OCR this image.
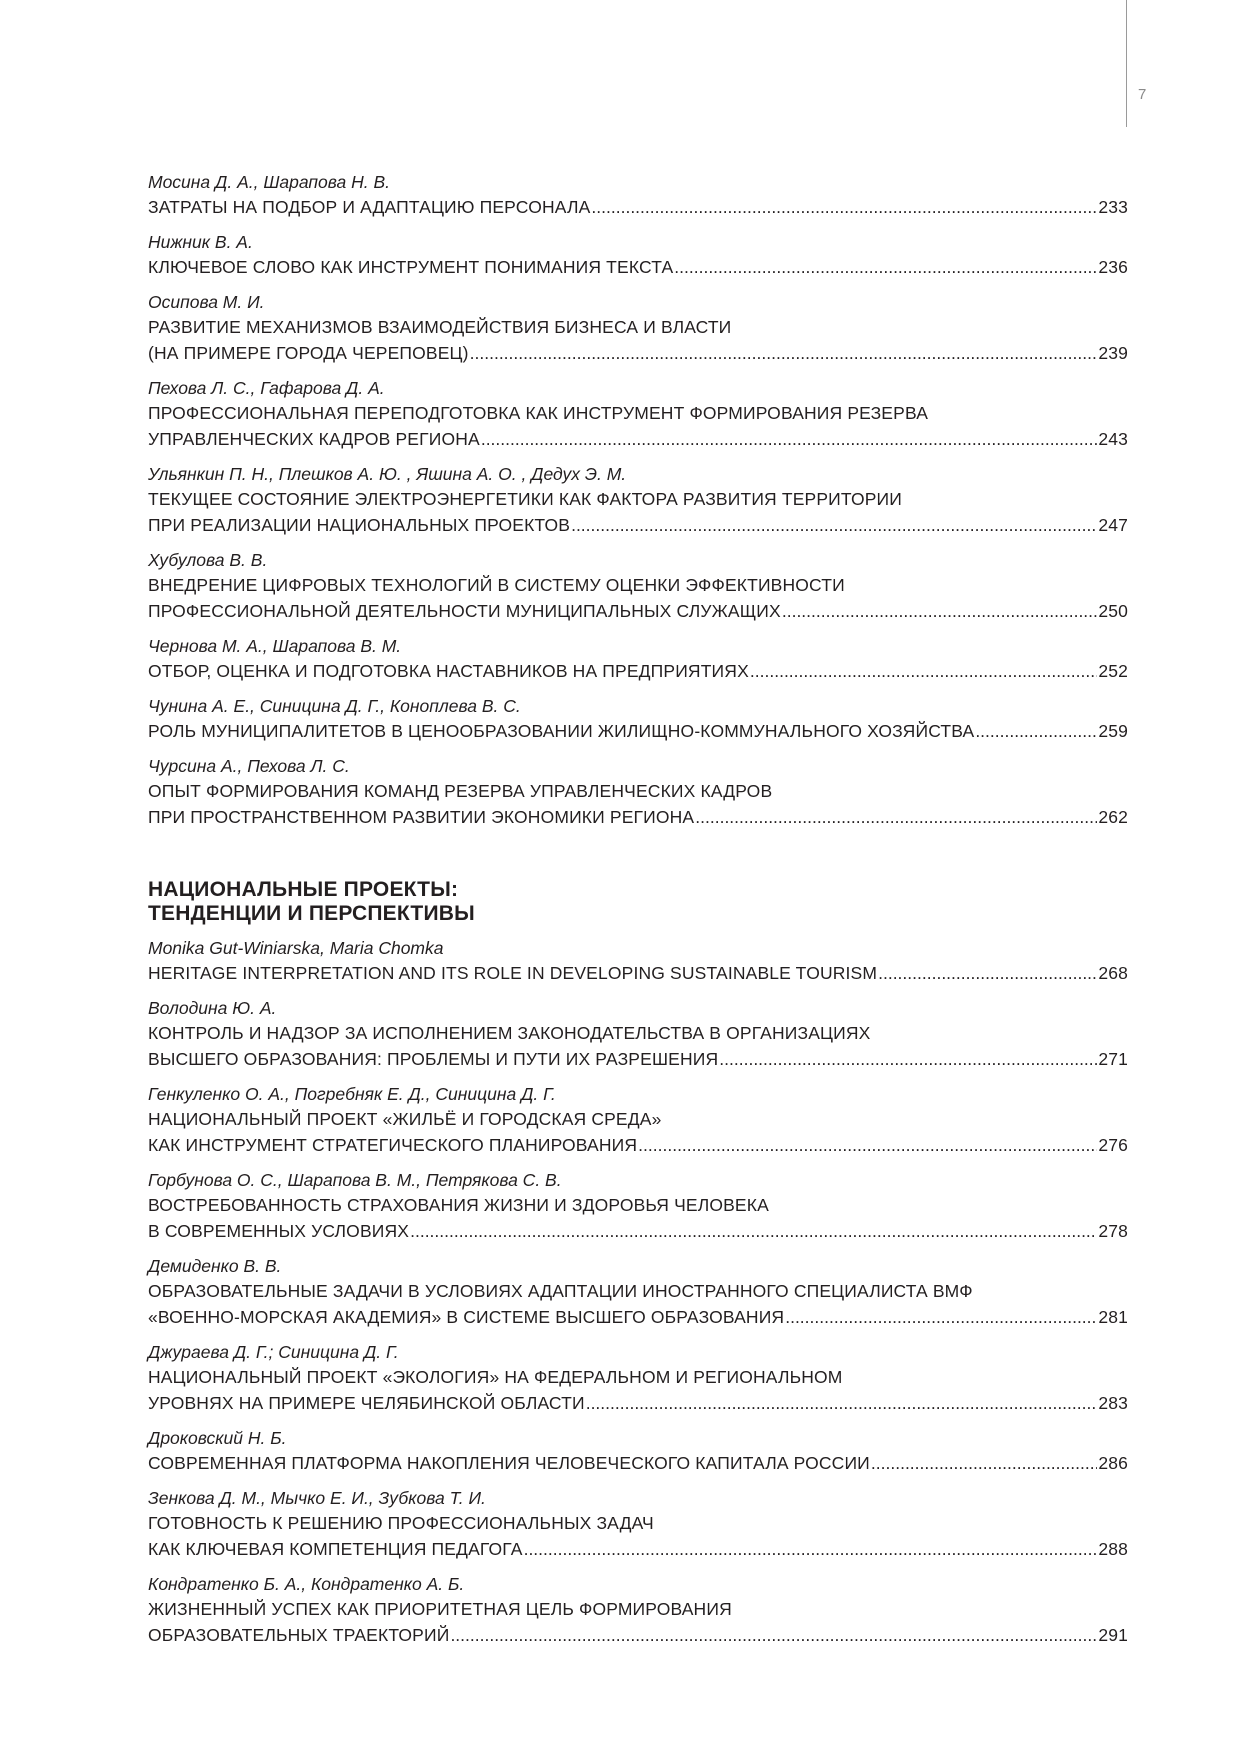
7
Мосина Д. А., Шарапова Н. В.
ЗАТРАТЫ НА ПОДБОР И АДАПТАЦИЮ ПЕРСОНАЛА .....	233
Нижник В. А.
КЛЮЧЕВОЕ СЛОВО КАК ИНСТРУМЕНТ ПОНИМАНИЯ ТЕКСТА .....	236
Осипова М. И.
РАЗВИТИЕ МЕХАНИЗМОВ ВЗАИМОДЕЙСТВИЯ БИЗНЕСА И ВЛАСТИ
(НА ПРИМЕРЕ ГОРОДА ЧЕРЕПОВЕЦ) .....	239
Пехова Л. С., Гафарова Д. А.
ПРОФЕССИОНАЛЬНАЯ ПЕРЕПОДГОТОВКА КАК ИНСТРУМЕНТ ФОРМИРОВАНИЯ РЕЗЕРВА
УПРАВЛЕНЧЕСКИХ КАДРОВ РЕГИОНА .....	243
Ульянкин П. Н., Плешков А. Ю. , Яшина А. О. , Дедух Э. М.
ТЕКУЩЕЕ СОСТОЯНИЕ ЭЛЕКТРОЭНЕРГЕТИКИ КАК ФАКТОРА РАЗВИТИЯ ТЕРРИТОРИИ
ПРИ РЕАЛИЗАЦИИ НАЦИОНАЛЬНЫХ ПРОЕКТОВ .....	247
Хубулова В. В.
ВНЕДРЕНИЕ ЦИФРОВЫХ ТЕХНОЛОГИЙ В СИСТЕМУ ОЦЕНКИ ЭФФЕКТИВНОСТИ
ПРОФЕССИОНАЛЬНОЙ ДЕЯТЕЛЬНОСТИ МУНИЦИПАЛЬНЫХ СЛУЖАЩИХ .....	250
Чернова М. А., Шарапова В. М.
ОТБОР, ОЦЕНКА И ПОДГОТОВКА НАСТАВНИКОВ НА ПРЕДПРИЯТИЯХ .....	252
Чунина А. Е., Синицина Д. Г., Коноплева В. С.
РОЛЬ МУНИЦИПАЛИТЕТОВ В ЦЕНООБРАЗОВАНИИ ЖИЛИЩНО-КОММУНАЛЬНОГО ХОЗЯЙСТВА .....	259
Чурсина А., Пехова Л. С.
ОПЫТ ФОРМИРОВАНИЯ КОМАНД РЕЗЕРВА УПРАВЛЕНЧЕСКИХ КАДРОВ
ПРИ ПРОСТРАНСТВЕННОМ РАЗВИТИИ ЭКОНОМИКИ РЕГИОНА .....	262
НАЦИОНАЛЬНЫЕ ПРОЕКТЫ:
ТЕНДЕНЦИИ И ПЕРСПЕКТИВЫ
Monika Gut-Winiarska, Maria Chomka
HERITAGE INTERPRETATION AND ITS ROLE IN DEVELOPING SUSTAINABLE TOURISM .....	268
Володина Ю. А.
КОНТРОЛЬ И НАДЗОР ЗА ИСПОЛНЕНИЕМ ЗАКОНОДАТЕЛЬСТВА В ОРГАНИЗАЦИЯХ
ВЫСШЕГО ОБРАЗОВАНИЯ: ПРОБЛЕМЫ И ПУТИ ИХ РАЗРЕШЕНИЯ .....	271
Генкуленко О. А., Погребняк Е. Д., Синицина Д. Г.
НАЦИОНАЛЬНЫЙ ПРОЕКТ «ЖИЛЬЁ И ГОРОДСКАЯ СРЕДА»
КАК ИНСТРУМЕНТ СТРАТЕГИЧЕСКОГО ПЛАНИРОВАНИЯ .....	276
Горбунова О. С., Шарапова В. М., Петрякова С. В.
ВОСТРЕБОВАННОСТЬ СТРАХОВАНИЯ ЖИЗНИ И ЗДОРОВЬЯ ЧЕЛОВЕКА
В СОВРЕМЕННЫХ УСЛОВИЯХ .....	278
Демиденко В. В.
ОБРАЗОВАТЕЛЬНЫЕ ЗАДАЧИ В УСЛОВИЯХ АДАПТАЦИИ ИНОСТРАННОГО СПЕЦИАЛИСТА ВМФ
«ВОЕННО-МОРСКАЯ АКАДЕМИЯ» В СИСТЕМЕ ВЫСШЕГО ОБРАЗОВАНИЯ .....	281
Джураева Д. Г.; Синицина Д. Г.
НАЦИОНАЛЬНЫЙ ПРОЕКТ «ЭКОЛОГИЯ» НА ФЕДЕРАЛЬНОМ И РЕГИОНАЛЬНОМ
УРОВНЯХ НА ПРИМЕРЕ ЧЕЛЯБИНСКОЙ ОБЛАСТИ .....	283
Дроковский Н. Б.
СОВРЕМЕННАЯ ПЛАТФОРМА НАКОПЛЕНИЯ ЧЕЛОВЕЧЕСКОГО КАПИТАЛА РОССИИ .....	286
Зенкова Д. М., Мычко Е. И., Зубкова Т. И.
ГОТОВНОСТЬ К РЕШЕНИЮ ПРОФЕССИОНАЛЬНЫХ ЗАДАЧ
КАК КЛЮЧЕВАЯ КОМПЕТЕНЦИЯ ПЕДАГОГА .....	288
Кондратенко Б. А., Кондратенко А. Б.
ЖИЗНЕННЫЙ УСПЕХ КАК ПРИОРИТЕТНАЯ ЦЕЛЬ ФОРМИРОВАНИЯ
ОБРАЗОВАТЕЛЬНЫХ ТРАЕКТОРИЙ .....	291
